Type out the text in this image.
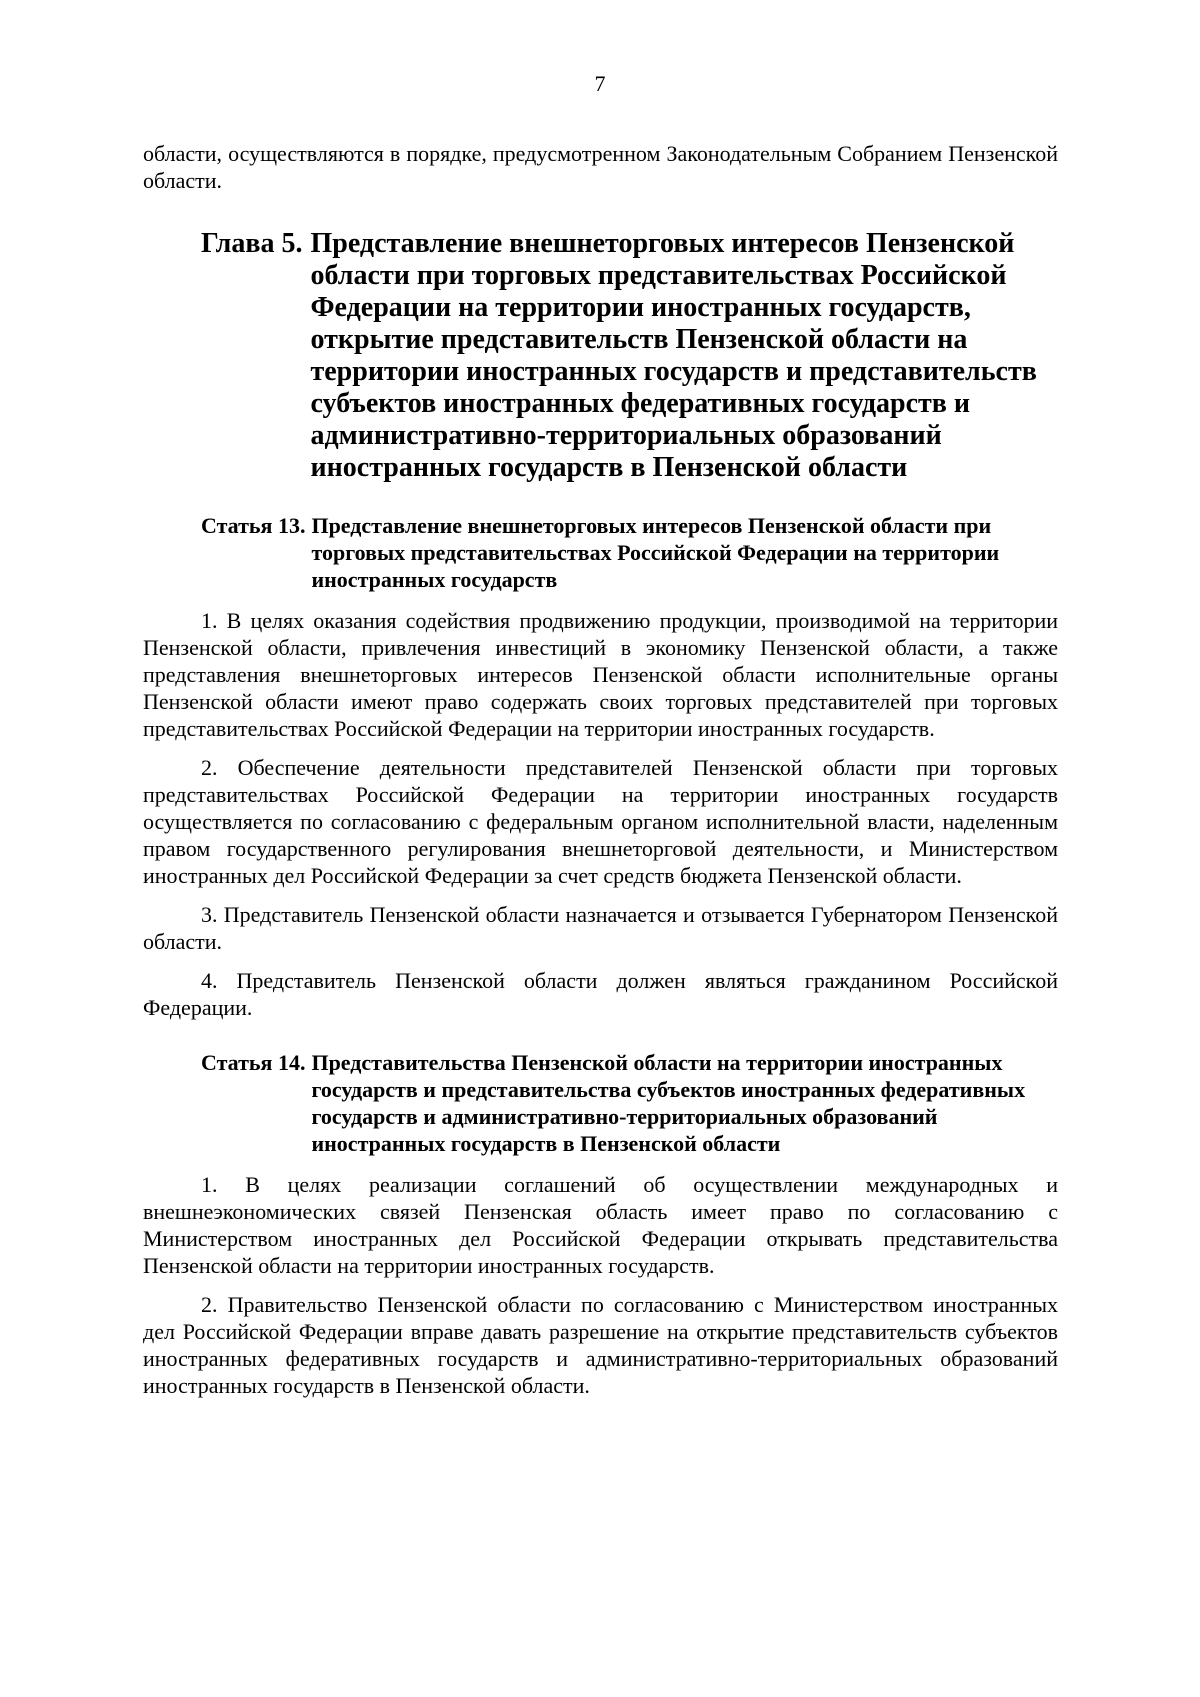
7

области, осуществляются в порядке, предусмотренном Законодательным Собранием Пензенской области.

Глава 5. Представление внешнеторговых интересов Пензенской области при торговых представительствах Российской Федерации на территории иностранных государств, открытие представительств Пензенской области на территории иностранных государств и представительств субъектов иностранных федеративных государств и административно-территориальных образований иностранных государств в Пензенской области
Статья 13. Представление внешнеторговых интересов Пензенской области при торговых представительствах Российской Федерации на территории иностранных государств

1. В целях оказания содействия продвижению продукции, производимой на территории Пензенской области, привлечения инвестиций в экономику Пензенской области, а также представления внешнеторговых интересов Пензенской области исполнительные органы Пензенской области имеют право содержать своих торговых представителей при торговых представительствах Российской Федерации на территории иностранных государств.

2. Обеспечение деятельности представителей Пензенской области при торговых представительствах Российской Федерации на территории иностранных государств осуществляется по согласованию с федеральным органом исполнительной власти, наделенным правом государственного регулирования внешнеторговой деятельности, и Министерством иностранных дел Российской Федерации за счет средств бюджета Пензенской области.

3. Представитель Пензенской области назначается и отзывается Губернатором Пензенской области.

4. Представитель Пензенской области должен являться гражданином Российской Федерации.

Статья 14. Представительства Пензенской области на территории иностранных государств и представительства субъектов иностранных федеративных государств и административно-территориальных образований иностранных государств в Пензенской области

1. В целях реализации соглашений об осуществлении международных и внешнеэкономических связей Пензенская область имеет право по согласованию с Министерством иностранных дел Российской Федерации открывать представительства Пензенской области на территории иностранных государств.

2. Правительство Пензенской области по согласованию с Министерством иностранных дел Российской Федерации вправе давать разрешение на открытие представительств субъектов иностранных федеративных государств и административно-территориальных образований иностранных государств в Пензенской области.
